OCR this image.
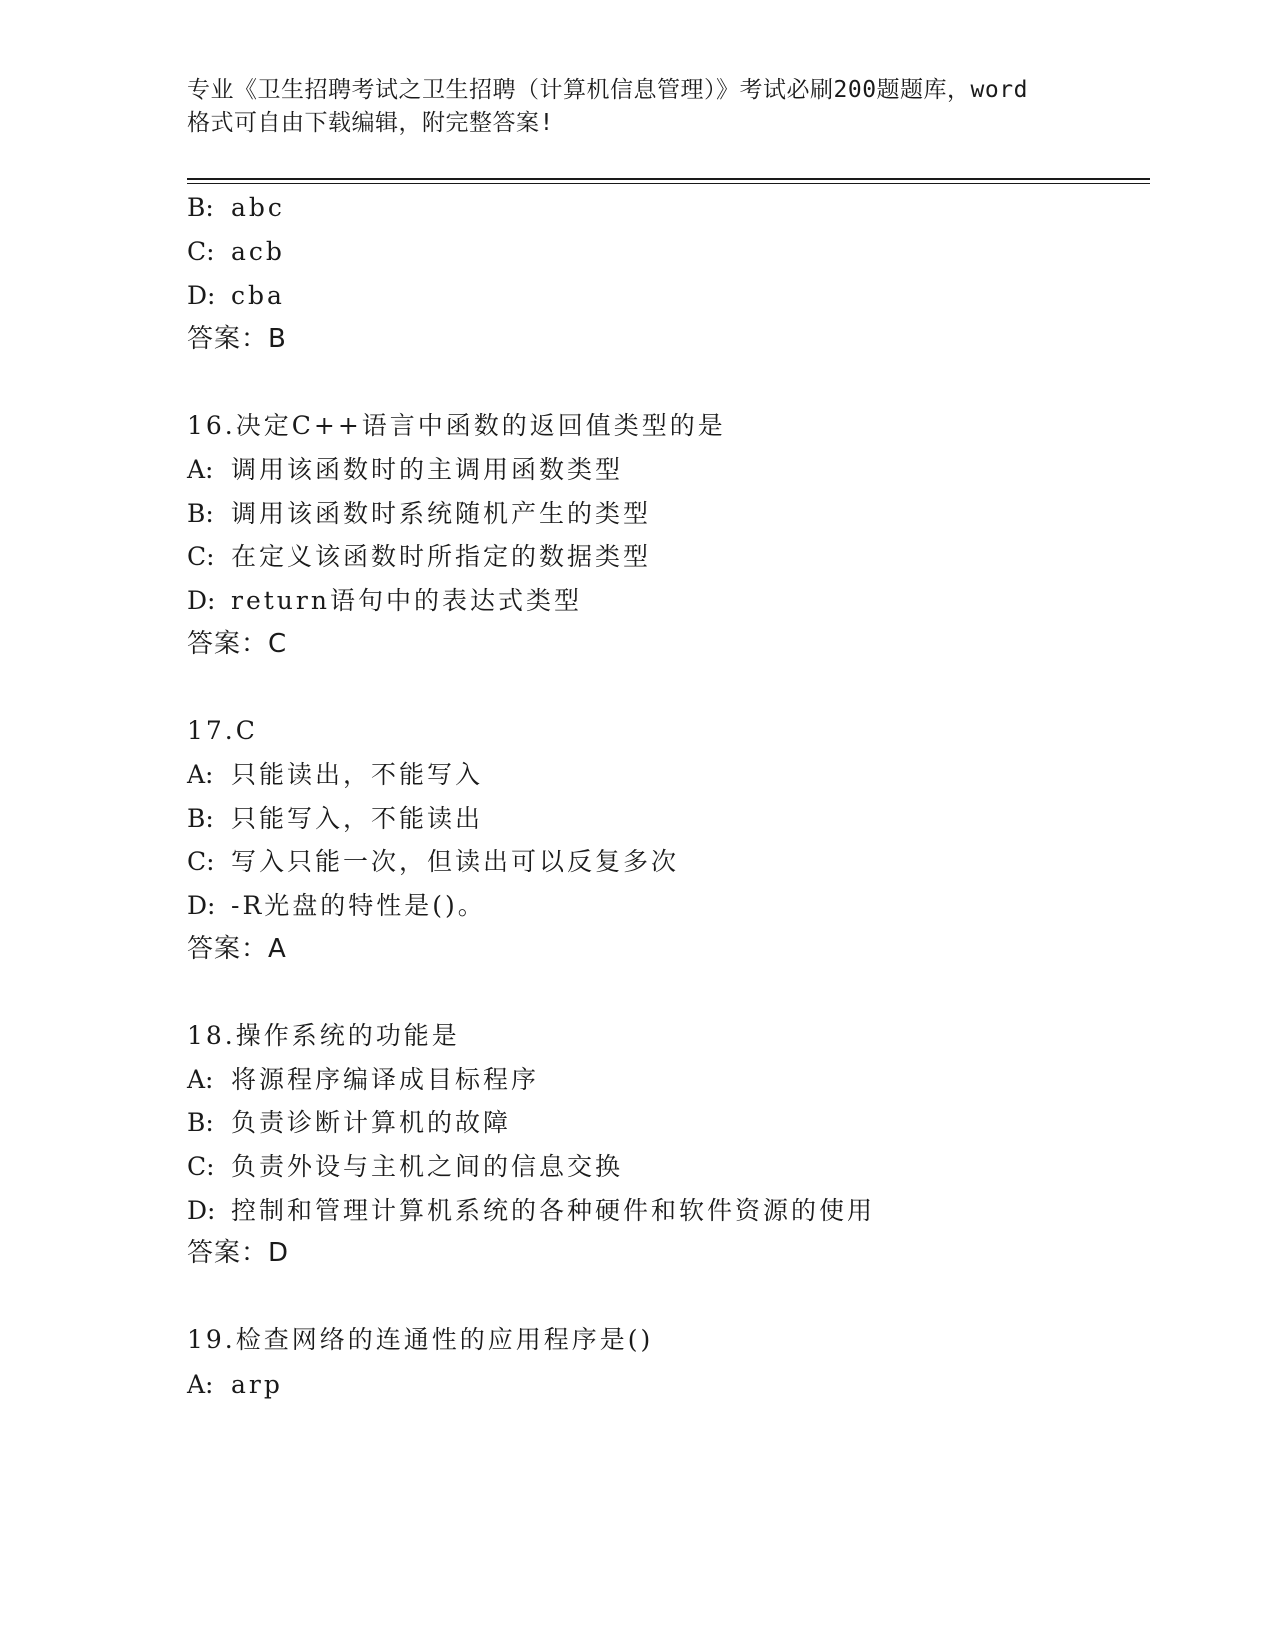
专业《卫生招聘考试之卫生招聘（计算机信息管理）》考试必刷200题题库，word
格式可自由下载编辑，附完整答案!
B: abc
C: acb
D: cba
答案：B
16.决定C++语言中函数的返回值类型的是
A: 调用该函数时的主调用函数类型
B: 调用该函数时系统随机产生的类型
C: 在定义该函数时所指定的数据类型
D: return语句中的表达式类型
答案：C
17.C
A: 只能读出，不能写入
B: 只能写入，不能读出
C: 写入只能一次，但读出可以反复多次
D: -R光盘的特性是()。
答案：A
18.操作系统的功能是
A: 将源程序编译成目标程序
B: 负责诊断计算机的故障
C: 负责外设与主机之间的信息交换
D: 控制和管理计算机系统的各种硬件和软件资源的使用
答案：D
19.检查网络的连通性的应用程序是()
A: arp
